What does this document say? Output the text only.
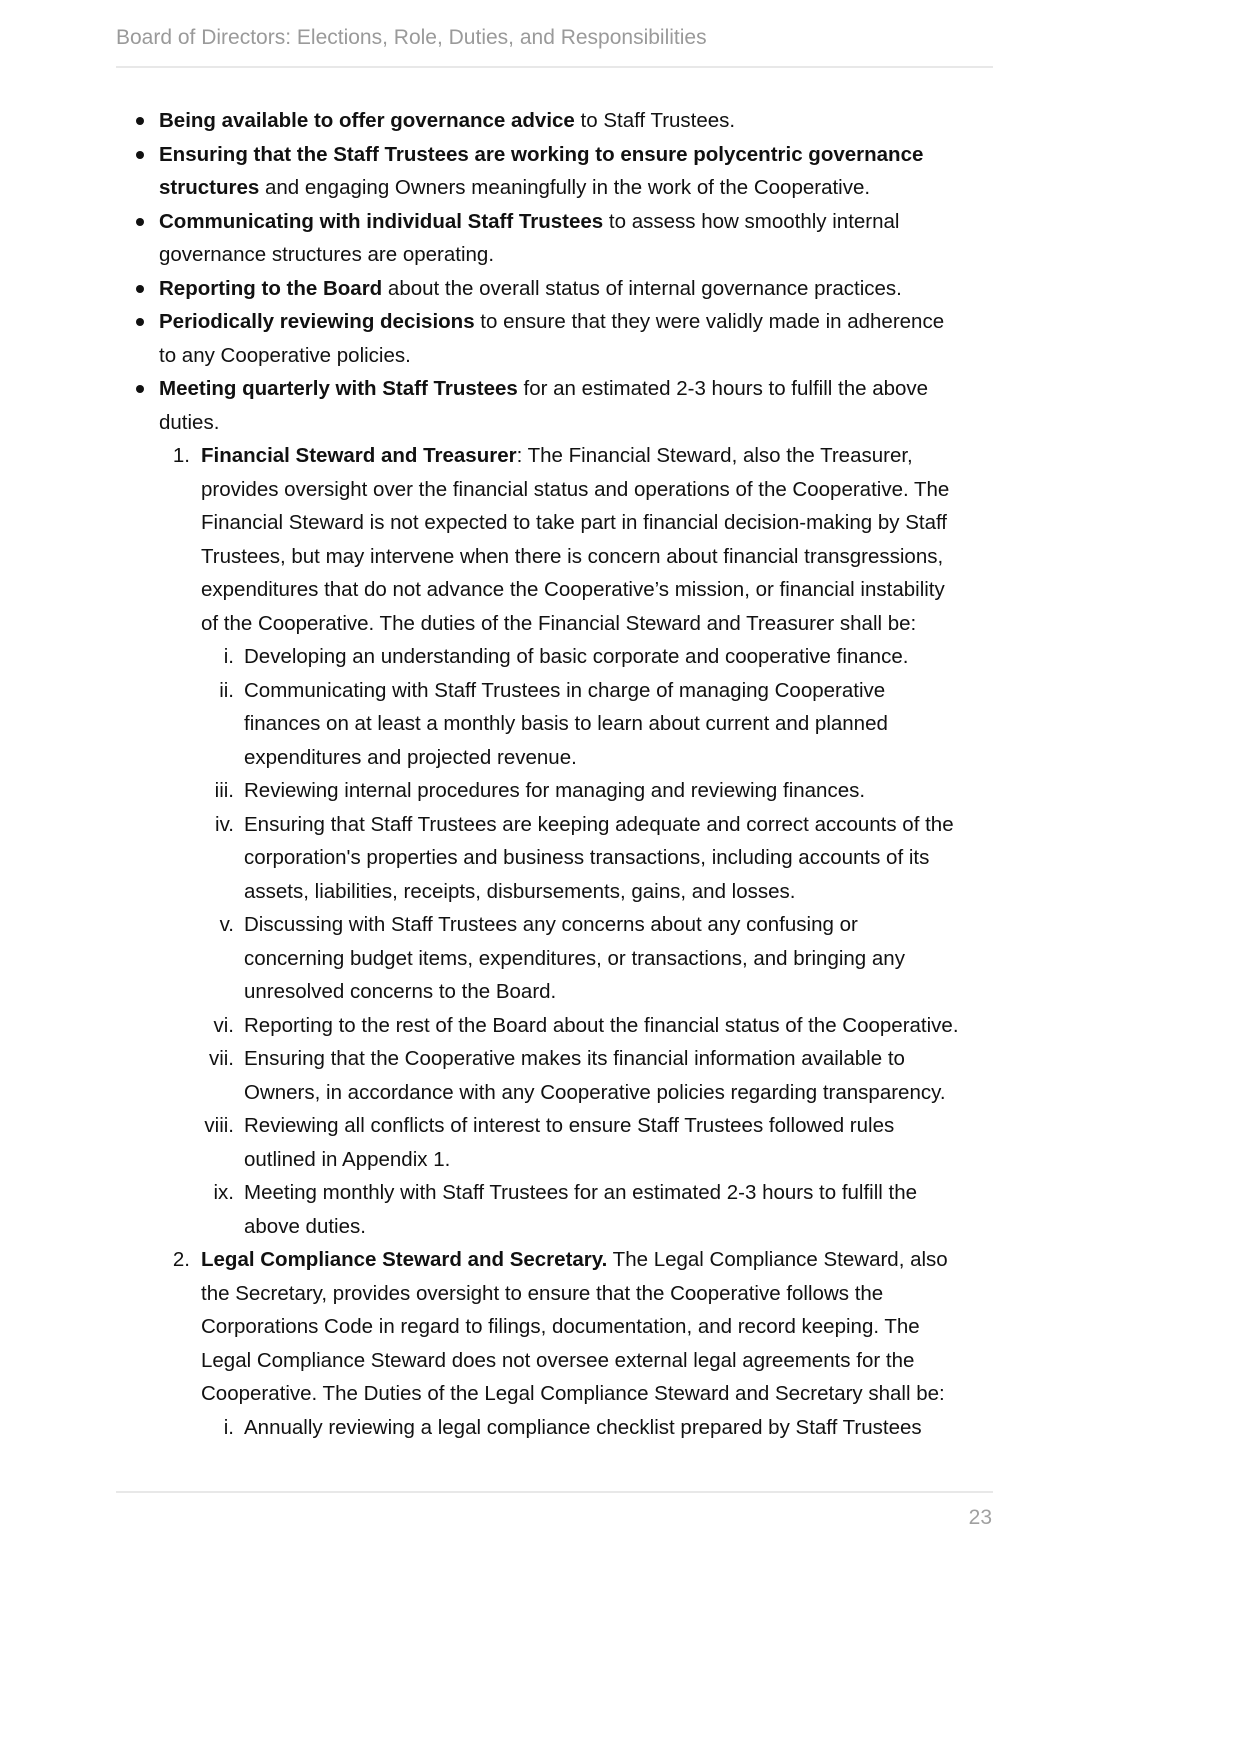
Board of Directors: Elections, Role, Duties, and Responsibilities
Being available to offer governance advice to Staff Trustees.
Ensuring that the Staff Trustees are working to ensure polycentric governance
structures and engaging Owners meaningfully in the work of the Cooperative.
Communicating with individual Staff Trustees to assess how smoothly internal
governance structures are operating.
Reporting to the Board about the overall status of internal governance practices.
Periodically reviewing decisions to ensure that they were validly made in adherence
to any Cooperative policies.
Meeting quarterly with Staff Trustees for an estimated 2-3 hours to fulfill the above
duties.
1. Financial Steward and Treasurer: The Financial Steward, also the Treasurer,
provides oversight over the financial status and operations of the Cooperative. The
Financial Steward is not expected to take part in financial decision-making by Staff
Trustees, but may intervene when there is concern about financial transgressions,
expenditures that do not advance the Cooperative’s mission, or financial instability
of the Cooperative. The duties of the Financial Steward and Treasurer shall be:
i. Developing an understanding of basic corporate and cooperative finance.
ii. Communicating with Staff Trustees in charge of managing Cooperative
finances on at least a monthly basis to learn about current and planned
expenditures and projected revenue.
iii. Reviewing internal procedures for managing and reviewing finances.
iv. Ensuring that Staff Trustees are keeping adequate and correct accounts of the
corporation's properties and business transactions, including accounts of its
assets, liabilities, receipts, disbursements, gains, and losses.
v. Discussing with Staff Trustees any concerns about any confusing or
concerning budget items, expenditures, or transactions, and bringing any
unresolved concerns to the Board.
vi. Reporting to the rest of the Board about the financial status of the Cooperative.
vii. Ensuring that the Cooperative makes its financial information available to
Owners, in accordance with any Cooperative policies regarding transparency.
viii. Reviewing all conflicts of interest to ensure Staff Trustees followed rules
outlined in Appendix 1.
ix. Meeting monthly with Staff Trustees for an estimated 2-3 hours to fulfill the
above duties.
2. Legal Compliance Steward and Secretary. The Legal Compliance Steward, also
the Secretary, provides oversight to ensure that the Cooperative follows the
Corporations Code in regard to filings, documentation, and record keeping. The
Legal Compliance Steward does not oversee external legal agreements for the
Cooperative. The Duties of the Legal Compliance Steward and Secretary shall be:
i. Annually reviewing a legal compliance checklist prepared by Staff Trustees
23
